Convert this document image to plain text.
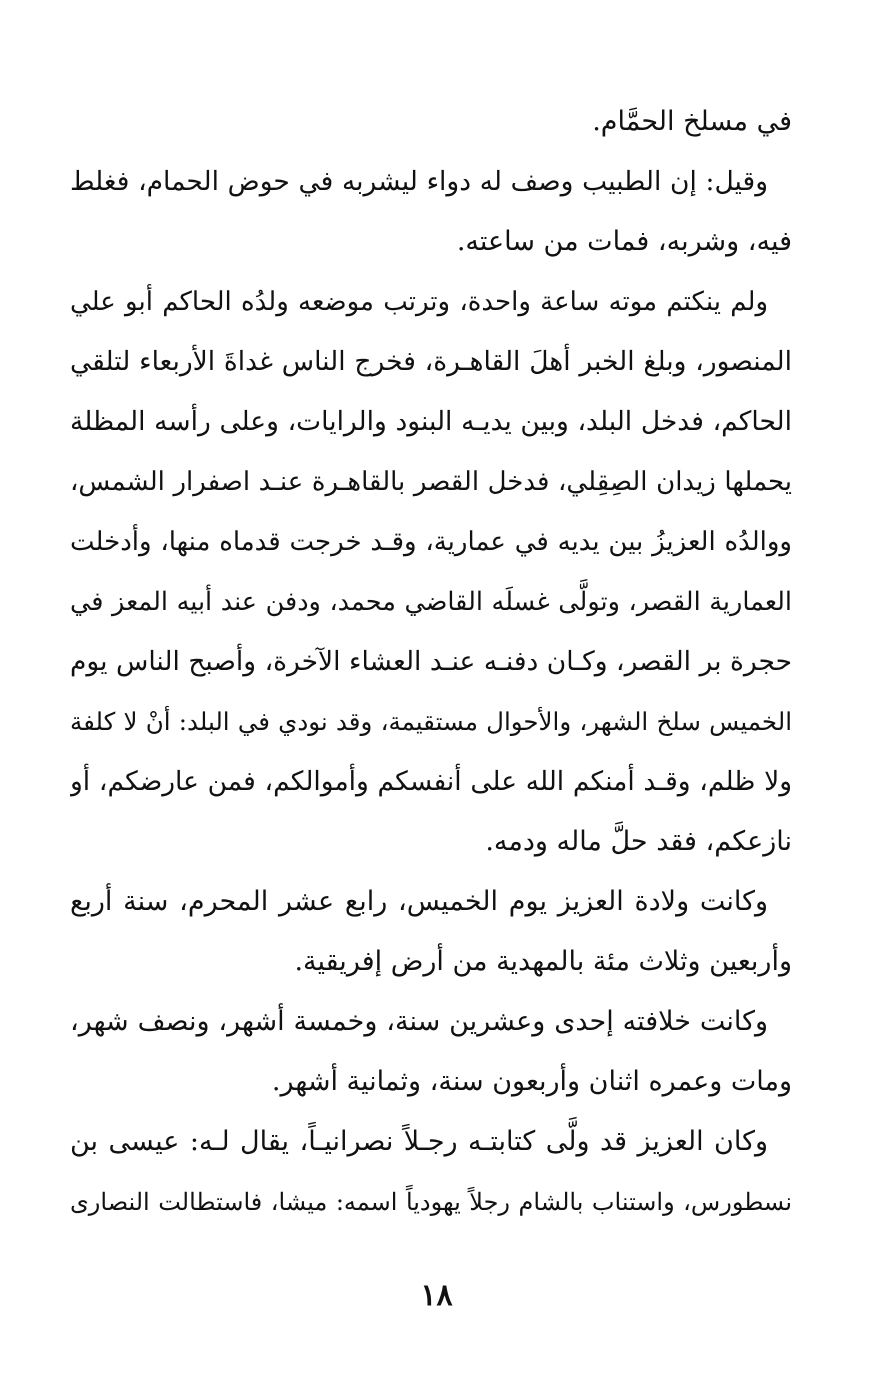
في مسلخ الحمَّام.
وقيل: إن الطبيب وصف له دواء ليشربه في حوض الحمام، فغلط
فيه، وشربه، فمات من ساعته.
ولم ينكتم موته ساعة واحدة، وترتب موضعه ولدُه الحاكم أبو علي
المنصور، وبلغ الخبر أهلَ القاهـرة، فخرج الناس غداةَ الأربعاء لتلقي
الحاكم، فدخل البلد، وبين يديـه البنود والرايات، وعلى رأسه المظلة
يحملها زيدان الصِقِلي، فدخل القصر بالقاهـرة عنـد اصفرار الشمس،
ووالدُه العزيزُ بين يديه في عمارية، وقـد خرجت قدماه منها، وأدخلت
العمارية القصر، وتولَّى غسلَه القاضي محمد، ودفن عند أبيه المعز في
حجرة بر القصر، وكـان دفنـه عنـد العشاء الآخرة، وأصبح الناس يوم
الخميس سلخ الشهر، والأحوال مستقيمة، وقد نودي في البلد: أنْ لا كلفة
ولا ظلم، وقـد أمنكم الله على أنفسكم وأموالكم، فمن عارضكم، أو
نازعكم، فقد حلَّ ماله ودمه.
وكانت ولادة العزيز يوم الخميس، رابع عشر المحرم، سنة أربع
وأربعين وثلاث مئة بالمهدية من أرض إفريقية.
وكانت خلافته إحدى وعشرين سنة، وخمسة أشهر، ونصف شهر،
ومات وعمره اثنان وأربعون سنة، وثمانية أشهر.
وكان العزيز قد ولَّى كتابتـه رجـلاً نصرانيـاً، يقال لـه: عيسى بن
نسطورس، واستناب بالشام رجلاً يهودياً اسمه: ميشا، فاستطالت النصارى
١٨
